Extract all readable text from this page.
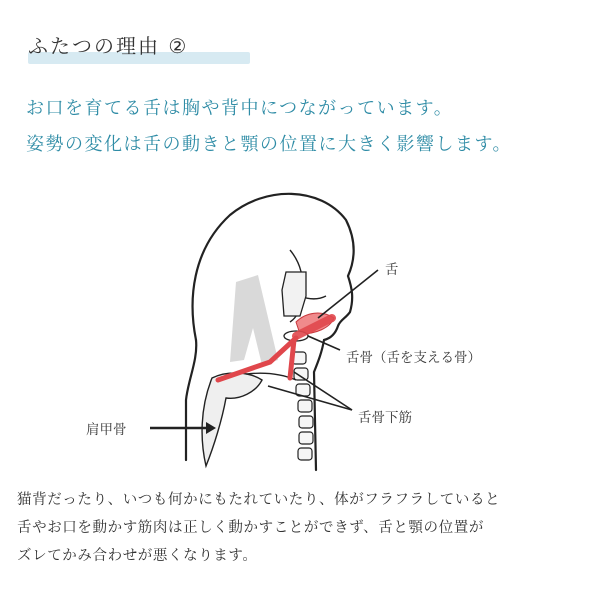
ふたつの理由 ②
お口を育てる舌は胸や背中につながっています。
姿勢の変化は舌の動きと顎の位置に大きく影響します。
舌
舌骨（舌を支える骨）
舌骨下筋
肩甲骨
猫背だったり、いつも何かにもたれていたり、体がフラフラしていると
舌やお口を動かす筋肉は正しく動かすことができず、舌と顎の位置が
ズレてかみ合わせが悪くなります。
